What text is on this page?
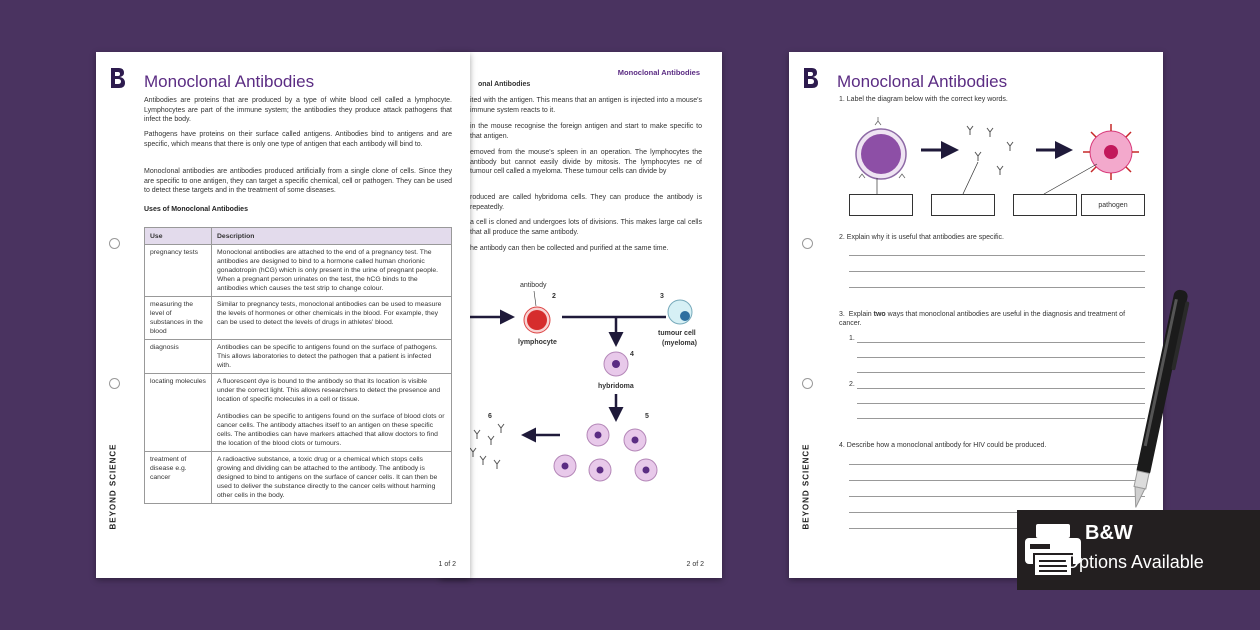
Monoclonal Antibodies
onal Antibodies
ited with the antigen. This means that an antigen is injected into a mouse's immune system reacts to it.
in the mouse recognise the foreign antigen and start to make specific to that antigen.
emoved from the mouse's spleen in an operation. The lymphocytes the antibody but cannot easily divide by mitosis. The lymphocytes ne of tumour cell called a myeloma. These tumour cells can divide by
roduced are called hybridoma cells. They can produce the antibody is repeatedly.
a cell is cloned and undergoes lots of divisions. This makes large cal cells that all produce the same antibody.
he antibody can then be collected and purified at the same time.
antibody
2
lymphocyte
3
tumour cell
(myeloma)
4
hybridoma
5
6
2 of 2
BEYOND SCIENCE
Monoclonal Antibodies
Antibodies are proteins that are produced by a type of white blood cell called a lymphocyte. Lymphocytes are part of the immune system; the antibodies they produce attack pathogens that infect the body.
Pathogens have proteins on their surface called antigens. Antibodies bind to antigens and are specific, which means that there is only one type of antigen that each antibody will bind to.
Monoclonal antibodies are antibodies produced artificially from a single clone of cells. Since they are specific to one antigen, they can target a specific chemical, cell or pathogen. They can be used to detect these targets and in the treatment of some diseases.
Uses of Monoclonal Antibodies
Use	Description
pregnancy tests	Monoclonal antibodies are attached to the end of a pregnancy test. The antibodies are designed to bind to a hormone called human chorionic gonadotropin (hCG) which is only present in the urine of pregnant people. When a pregnant person urinates on the test, the hCG binds to the antibodies which causes the test strip to change colour.
measuring the level of substances in the blood	Similar to pregnancy tests, monoclonal antibodies can be used to measure the levels of hormones or other chemicals in the blood. For example, they can be used to detect the levels of drugs in athletes' blood.
diagnosis	Antibodies can be specific to antigens found on the surface of pathogens. This allows laboratories to detect the pathogen that a patient is infected with.
locating molecules	A fluorescent dye is bound to the antibody so that its location is visible under the correct light. This allows researchers to detect the presence and location of specific molecules in a cell or tissue.
Antibodies can be specific to antigens found on the surface of blood clots or cancer cells. The antibody attaches itself to an antigen on these specific cells. The antibodies can have markers attached that allow doctors to find the location of the blood clots or tumours.

treatment of disease e.g. cancer	A radioactive substance, a toxic drug or a chemical which stops cells growing and dividing can be attached to the antibody. The antibody is designed to bind to antigens on the surface of cancer cells. It can then be used to deliver the substance directly to the cancer cells without harming other cells in the body.
1 of 2
BEYOND SCIENCE
Monoclonal Antibodies
1. Label the diagram below with the correct key words.
pathogen
2. Explain why it is useful that antibodies are specific.
3.  Explain two ways that monoclonal antibodies are useful in the diagnosis and treatment of cancer.
1.
2.
4. Describe how a monoclonal antibody for HIV could be produced.
B&W
Options Available
